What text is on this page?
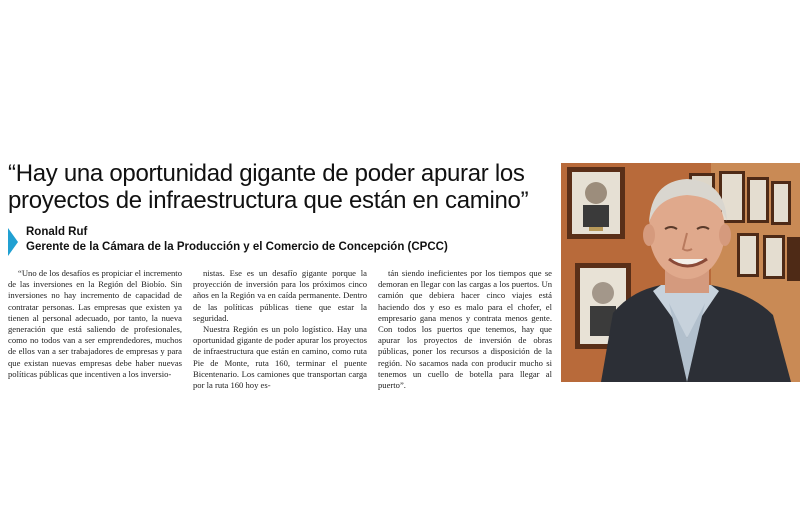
“Hay una oportunidad gigante de poder apurar los proyectos de infraestructura que están en camino”
Ronald Ruf
Gerente de la Cámara de la Producción y el Comercio de Concepción (CPCC)

“Uno de los desafíos es propiciar el incremento de las inversiones en la Región del Biobío. Sin inversiones no hay incremento de capacidad de contratar personas. Las empresas que existen ya tienen al personal adecuado, por tanto, la nueva generación que está saliendo de profesionales, como no todos van a ser emprendedores, muchos de ellos van a ser trabajadores de empresas y para que existan nuevas empresas debe haber nuevas políticas públicas que incentiven a los inversio-

nistas. Ese es un desafío gigante porque la proyección de inversión para los próximos cinco años en la Región va en caída permanente. Dentro de las políticas públicas tiene que estar la seguridad.

Nuestra Región es un polo logístico. Hay una oportunidad gigante de poder apurar los proyectos de infraestructura que están en camino, como ruta Pie de Monte, ruta 160, terminar el puente Bicentenario. Los camiones que transportan carga por la ruta 160 hoy es-

tán siendo ineficientes por los tiempos que se demoran en llegar con las cargas a los puertos. Un camión que debiera hacer cinco viajes está haciendo dos y eso es malo para el chofer, el empresario gana menos y contrata menos gente. Con todos los puertos que tenemos, hay que apurar los proyectos de inversión de obras públicas, poner los recursos a disposición de la región. No sacamos nada con producir mucho si tenemos un cuello de botella para llegar al puerto”.
